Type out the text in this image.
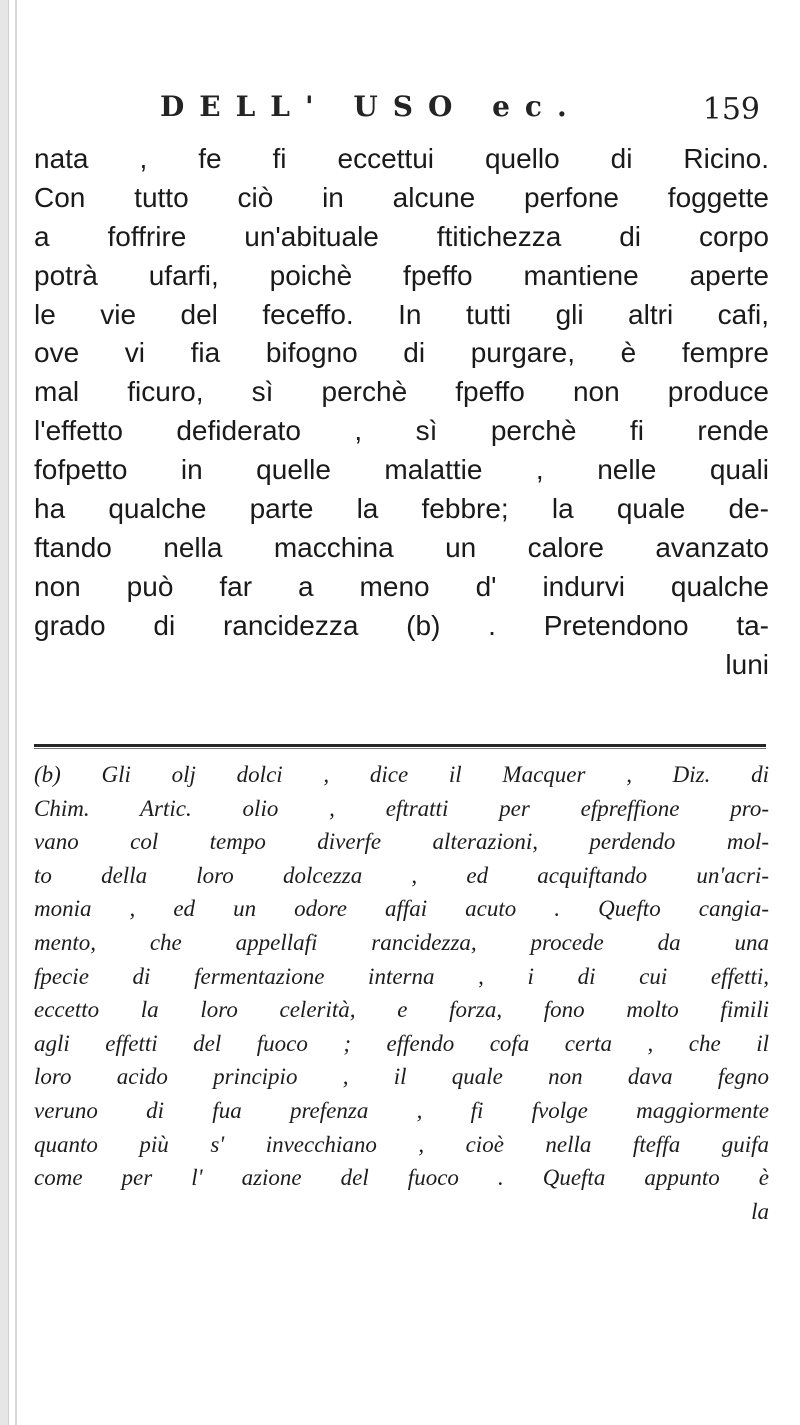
DELL' USO ec.	159
nata , fe fi eccettui quello di Ricino.
Con tutto ciò in alcune perfone foggette
a foffrire un'abituale ftitichezza di corpo
potrà ufarfi, poichè fpeffo mantiene aperte
le vie del feceffo. In tutti gli altri cafi,
ove vi fia bifogno di purgare, è fempre
mal ficuro, sì perchè fpeffo non produce
l'effetto defiderato , sì perchè fi rende
fofpetto in quelle malattie , nelle quali
ha qualche parte la febbre; la quale de-
ftando nella macchina un calore avanzato
non può far a meno d' indurvi qualche
grado di rancidezza (b) . Pretendono ta-
luni
(b) Gli olj dolci , dice il Macquer , Diz. di
Chim. Artic. olio , eftratti per efpreffione pro-
vano col tempo diverfe alterazioni, perdendo mol-
to della loro dolcezza , ed acquiftando un'acri-
monia , ed un odore affai acuto . Quefto cangia-
mento, che appellafi rancidezza, procede da una
fpecie di fermentazione interna , i di cui effetti,
eccetto la loro celerità, e forza, fono molto fimili
agli effetti del fuoco ; effendo cofa certa , che il
loro acido principio , il quale non dava fegno
veruno di fua prefenza , fi fvolge maggiormente
quanto più s' invecchiano , cioè nella fteffa guifa
come per l' azione del fuoco . Quefta appunto è
la
